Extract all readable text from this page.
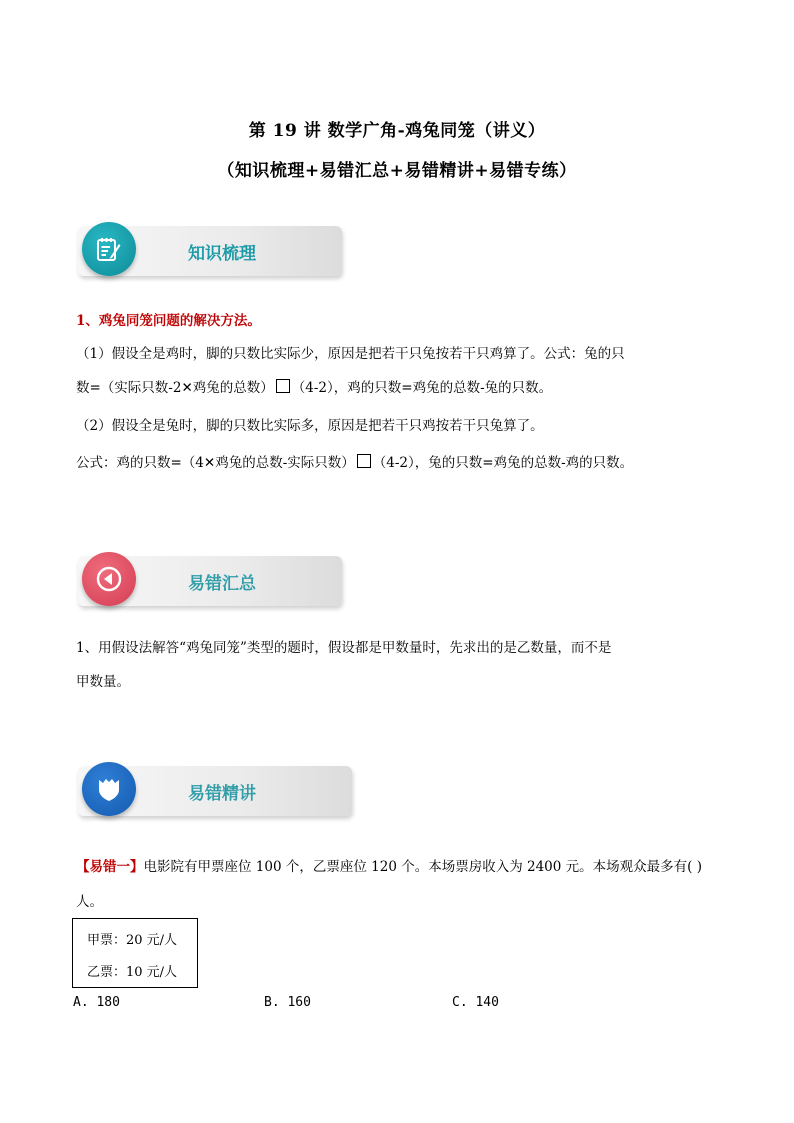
第 19 讲 数学广角-鸡兔同笼（讲义）
（知识梳理+易错汇总+易错精讲+易错专练）
知识梳理
1、鸡兔同笼问题的解决方法。
（1）假设全是鸡时，脚的只数比实际少，原因是把若干只兔按若干只鸡算了。公式：兔的只
数=（实际只数-2✕鸡兔的总数） （4-2），鸡的只数=鸡兔的总数-兔的只数。
（2）假设全是兔时，脚的只数比实际多，原因是把若干只鸡按若干只兔算了。
公式：鸡的只数=（4✕鸡兔的总数-实际只数） （4-2），兔的只数=鸡兔的总数-鸡的只数。
易错汇总
1、用假设法解答“鸡兔同笼”类型的题时，假设都是甲数量时，先求出的是乙数量，而不是
甲数量。
易错精讲
【易错一】电影院有甲票座位 100 个，乙票座位 120 个。本场票房收入为 2400 元。本场观众最多有( )
人。
甲票：20 元/人
乙票：10 元/人
A. 180	B. 160	C. 140
